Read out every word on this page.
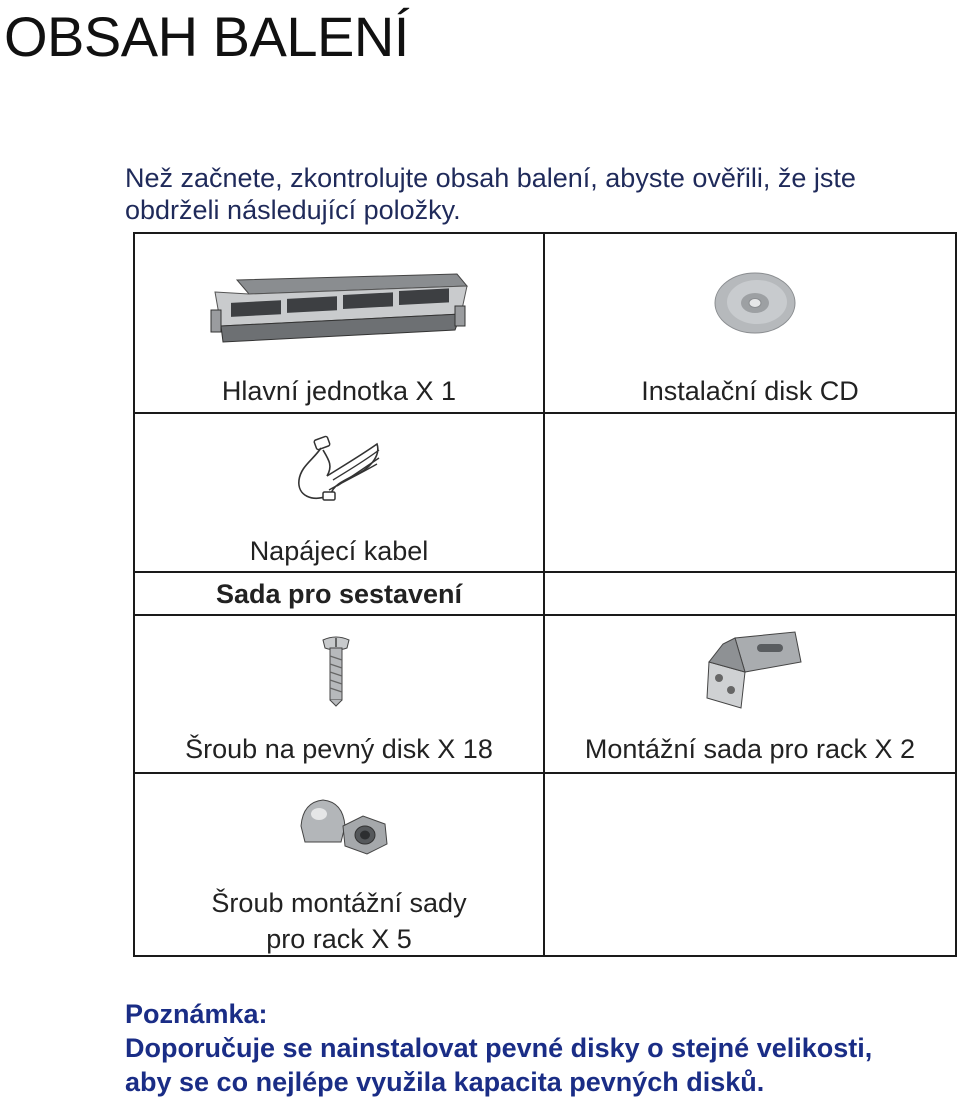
OBSAH BALENÍ
Než začnete, zkontrolujte obsah balení, abyste ověřili, že jste
obdrželi následující položky.
Hlavní jednotka X 1	Instalační disk CD
Napájecí kabel
Sada pro sestavení
Šroub na pevný disk X 18	Montážní sada pro rack X 2
Šroub montážní sady
pro rack X 5
Poznámka:
Doporučuje se nainstalovat pevné disky o stejné velikosti,
aby se co nejlépe využila kapacita pevných disků.
